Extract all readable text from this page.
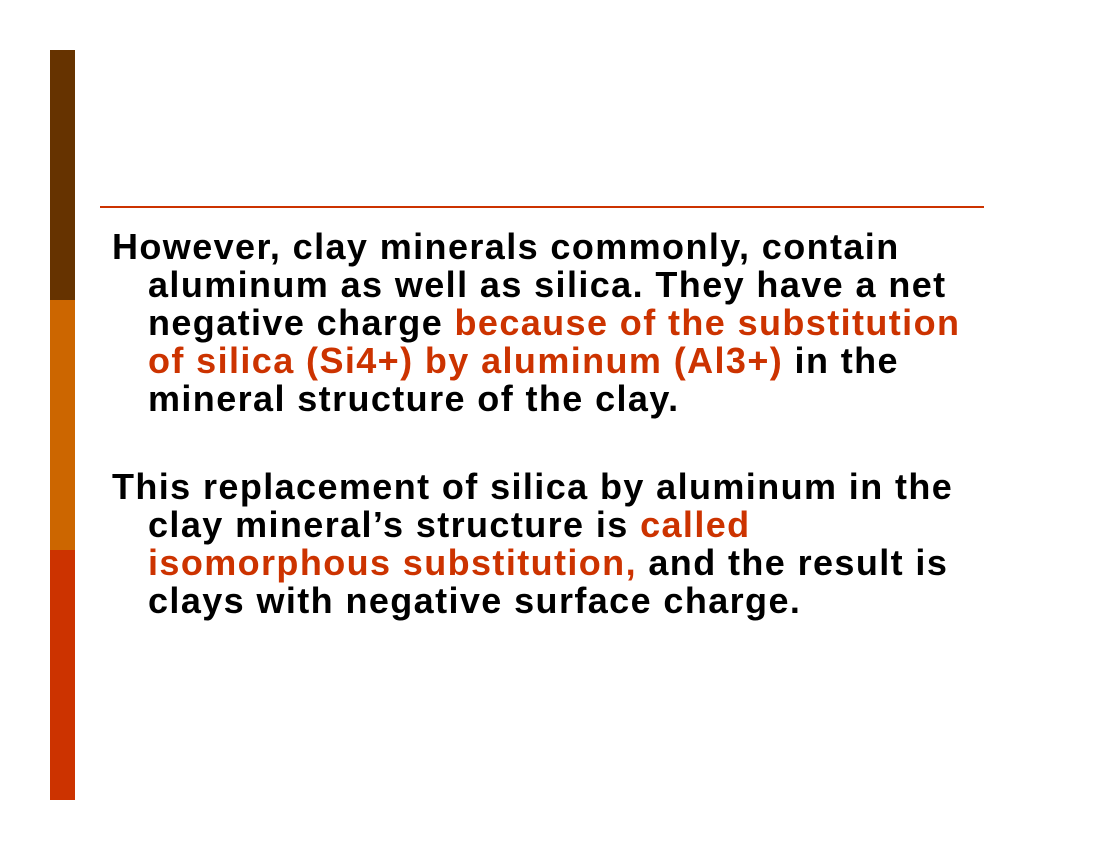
However, clay minerals commonly, contain aluminum as well as silica. They have a net negative charge because of the substitution of silica (Si4+) by aluminum (Al3+) in the mineral structure of the clay.

This replacement of silica by aluminum in the clay mineral’s structure is called isomorphous substitution, and the result is clays with negative surface charge.
